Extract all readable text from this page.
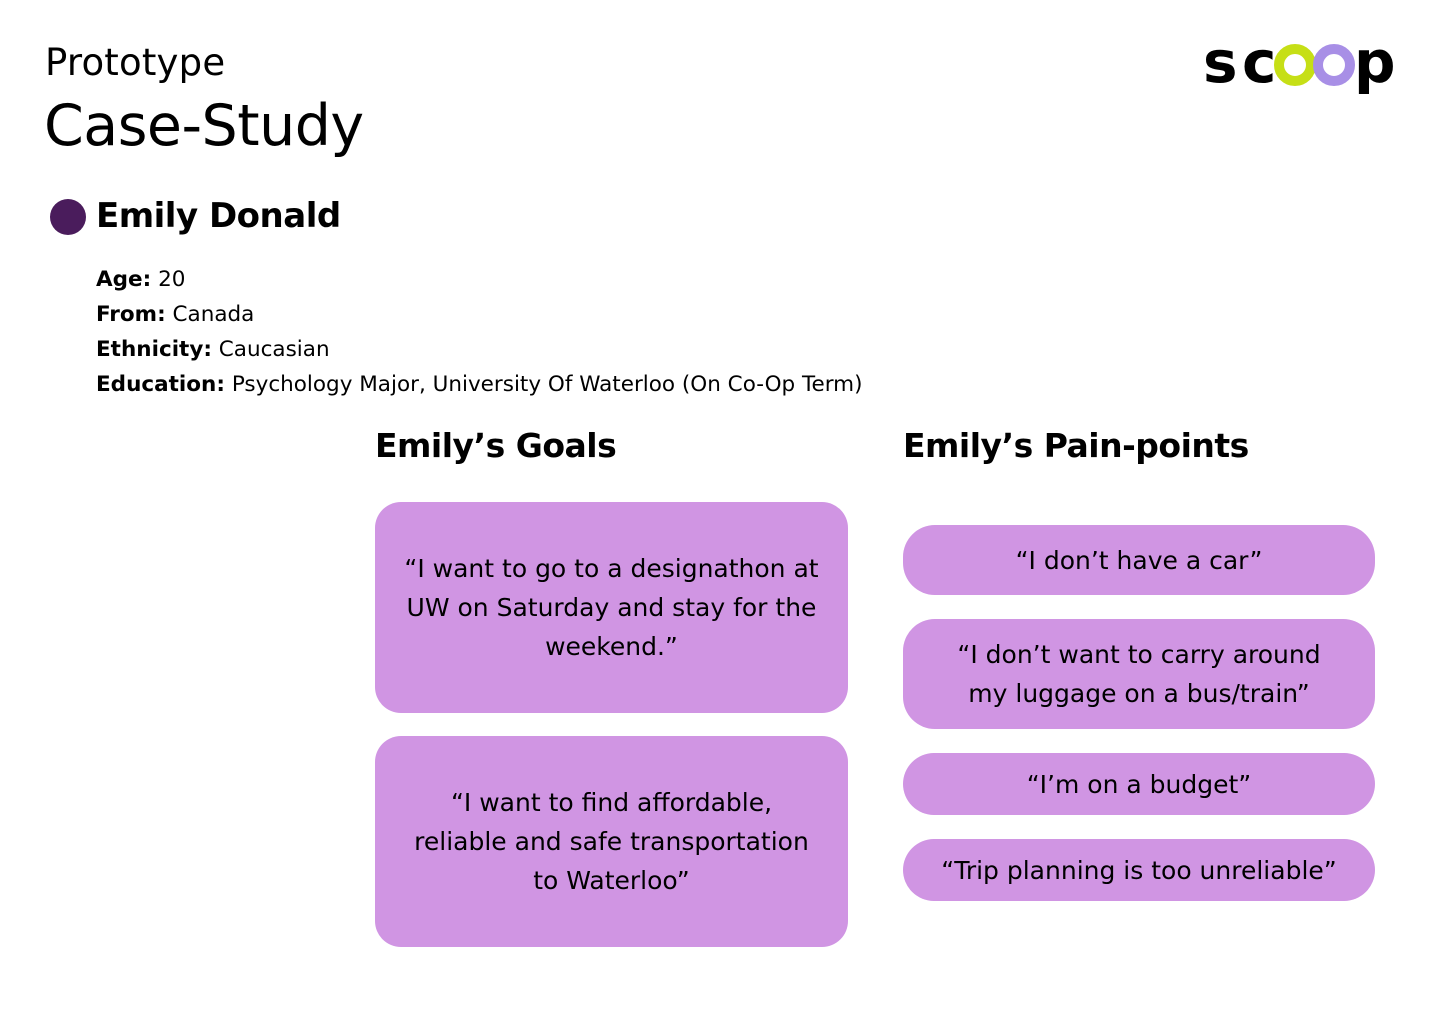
Prototype
Case-Study
s c p
Emily Donald
Age: 20
From: Canada
Ethnicity: Caucasian
Education: Psychology Major, University Of Waterloo (On Co-Op Term)
Emily’s Goals	Emily’s Pain-points
“I want to go to a designathon at UW on Saturday and stay for the weekend.”
“I want to find affordable, reliable and safe transportation to Waterloo”
“I don’t have a car”
“I don’t want to carry around my luggage on a bus/train”
“I’m on a budget”
“Trip planning is too unreliable”
